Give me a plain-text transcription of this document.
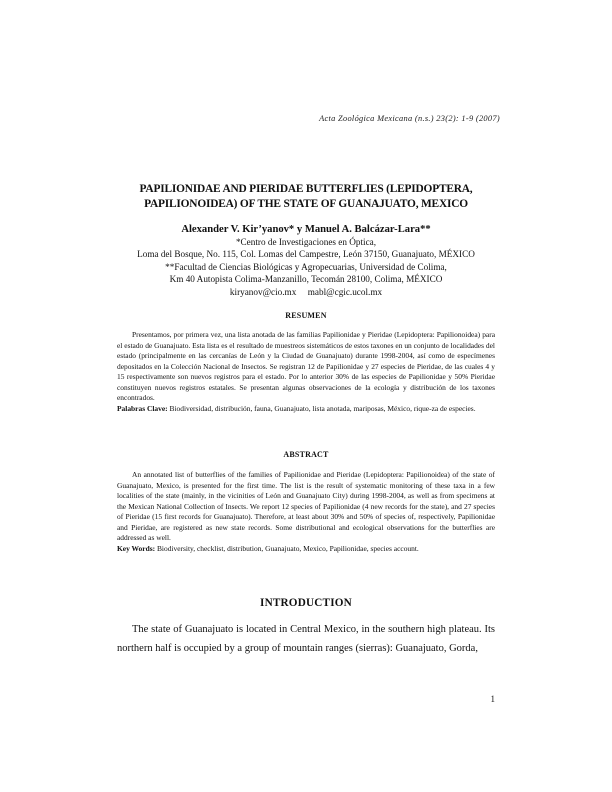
Acta Zoológica Mexicana (n.s.) 23(2): 1-9 (2007)
PAPILIONIDAE AND PIERIDAE BUTTERFLIES (LEPIDOPTERA,
PAPILIONOIDEA) OF THE STATE OF GUANAJUATO, MEXICO
Alexander V. Kir’yanov* y Manuel A. Balcázar-Lara**
*Centro de Investigaciones en Óptica,
Loma del Bosque, No. 115, Col. Lomas del Campestre, León 37150, Guanajuato, MÉXICO
**Facultad de Ciencias Biológicas y Agropecuarias, Universidad de Colima,
Km 40 Autopista Colima-Manzanillo, Tecomán 28100, Colima, MÉXICO
kiryanov@cio.mx     mabl@cgic.ucol.mx
RESUMEN

Presentamos, por primera vez, una lista anotada de las familias Papilionidae y Pieridae (Lepidoptera: Papilionoidea) para el estado de Guanajuato. Esta lista es el resultado de muestreos sistemáticos de estos taxones en un conjunto de localidades del estado (principalmente en las cercanías de León y la Ciudad de Guanajuato) durante 1998-2004, así como de especímenes depositados en la Colección Nacional de Insectos. Se registran 12 de Papilionidae y 27 especies de Pieridae, de las cuales 4 y 15 respectivamente son nuevos registros para el estado. Por lo anterior 30% de las especies de Papilionidae y 50% Pieridae constituyen nuevos registros estatales. Se presentan algunas observaciones de la ecología y distribución de los taxones encontrados.

Palabras Clave: Biodiversidad, distribución, fauna, Guanajuato, lista anotada, mariposas, México, rique-za de especies.

ABSTRACT

An annotated list of butterflies of the families of Papilionidae and Pieridae (Lepidoptera: Papilionoidea) of the state of Guanajuato, Mexico, is presented for the first time. The list is the result of systematic monitoring of these taxa in a few localities of the state (mainly, in the vicinities of León and Guanajuato City) during 1998-2004, as well as from specimens at the Mexican National Collection of Insects. We report 12 species of Papilionidae (4 new records for the state), and 27 species of Pieridae (15 first records for Guanajuato). Therefore, at least about 30% and 50% of species of, respectively, Papilionidae and Pieridae, are registered as new state records. Some distributional and ecological observations for the butterflies are addressed as well.

Key Words: Biodiversity, checklist, distribution, Guanajuato, Mexico, Papilionidae, species account.

INTRODUCTION

The state of Guanajuato is located in Central Mexico, in the southern high plateau. Its northern half is occupied by a group of mountain ranges (sierras): Guanajuato, Gorda,

1
